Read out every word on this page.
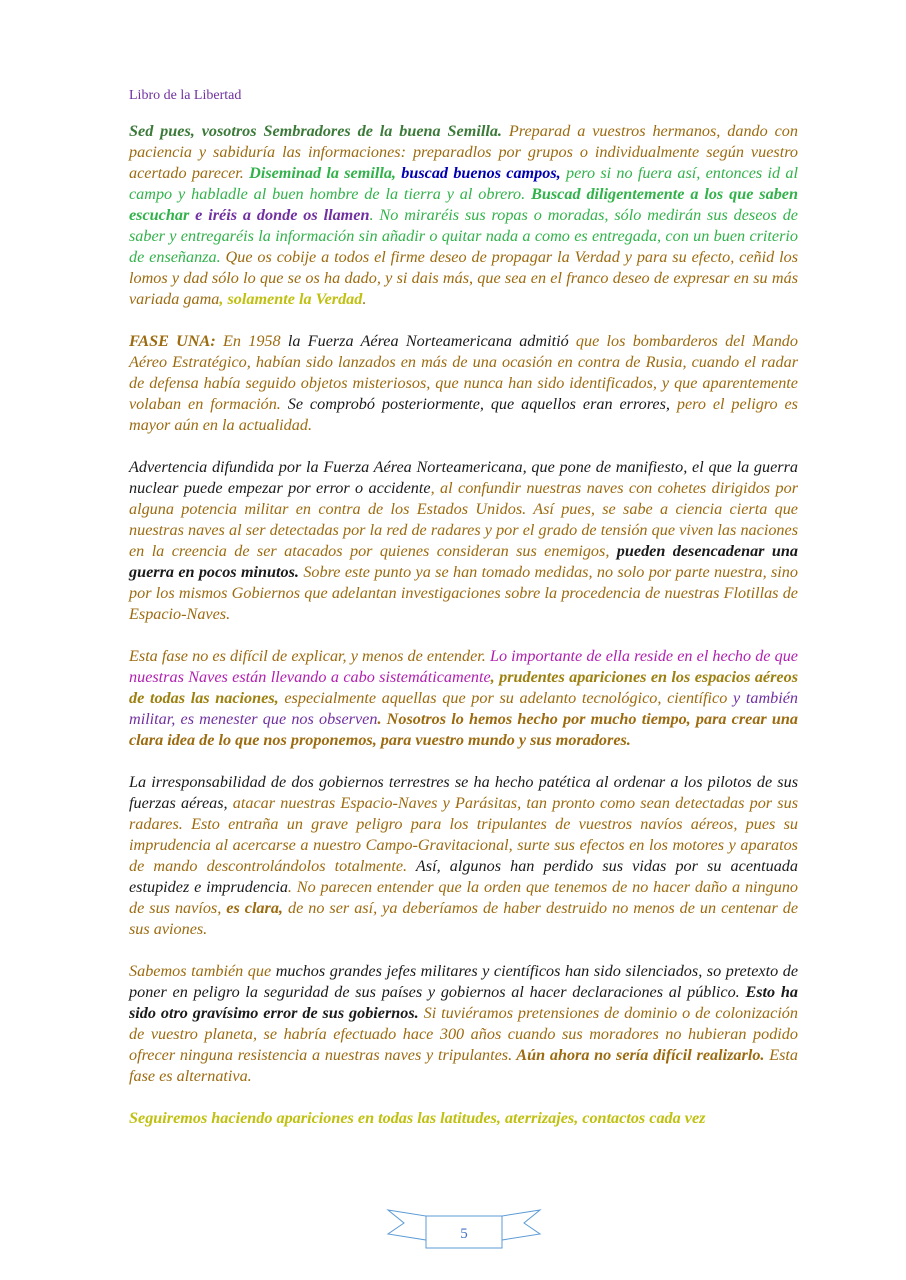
Libro de la Libertad

Sed pues, vosotros Sembradores de la buena Semilla. Preparad a vuestros hermanos, dando con paciencia y sabiduría las informaciones: preparadlos por grupos o individualmente según vuestro acertado parecer. Diseminad la semilla, buscad buenos campos, pero si no fuera así, entonces id al campo y habladle al buen hombre de la tierra y al obrero. Buscad diligentemente a los que saben escuchar e iréis a donde os llamen. No miraréis sus ropas o moradas, sólo medirán sus deseos de saber y entregaréis la información sin añadir o quitar nada a como es entregada, con un buen criterio de enseñanza. Que os cobije a todos el firme deseo de propagar la Verdad y para su efecto, ceñid los lomos y dad sólo lo que se os ha dado, y si dais más, que sea en el franco deseo de expresar en su más variada gama, solamente la Verdad.

FASE UNA: En 1958 la Fuerza Aérea Norteamericana admitió que los bombarderos del Mando Aéreo Estratégico, habían sido lanzados en más de una ocasión en contra de Rusia, cuando el radar de defensa había seguido objetos misteriosos, que nunca han sido identificados, y que aparentemente volaban en formación. Se comprobó posteriormente, que aquellos eran errores, pero el peligro es mayor aún en la actualidad.

Advertencia difundida por la Fuerza Aérea Norteamericana, que pone de manifiesto, el que la guerra nuclear puede empezar por error o accidente, al confundir nuestras naves con cohetes dirigidos por alguna potencia militar en contra de los Estados Unidos. Así pues, se sabe a ciencia cierta que nuestras naves al ser detectadas por la red de radares y por el grado de tensión que viven las naciones en la creencia de ser atacados por quienes consideran sus enemigos, pueden desencadenar una guerra en pocos minutos. Sobre este punto ya se han tomado medidas, no solo por parte nuestra, sino por los mismos Gobiernos que adelantan investigaciones sobre la procedencia de nuestras Flotillas de Espacio-Naves.

Esta fase no es difícil de explicar, y menos de entender. Lo importante de ella reside en el hecho de que nuestras Naves están llevando a cabo sistemáticamente, prudentes apariciones en los espacios aéreos de todas las naciones, especialmente aquellas que por su adelanto tecnológico, científico y también militar, es menester que nos observen. Nosotros lo hemos hecho por mucho tiempo, para crear una clara idea de lo que nos proponemos, para vuestro mundo y sus moradores.

La irresponsabilidad de dos gobiernos terrestres se ha hecho patética al ordenar a los pilotos de sus fuerzas aéreas, atacar nuestras Espacio-Naves y Parásitas, tan pronto como sean detectadas por sus radares. Esto entraña un grave peligro para los tripulantes de vuestros navíos aéreos, pues su imprudencia al acercarse a nuestro Campo-Gravitacional, surte sus efectos en los motores y aparatos de mando descontrolándolos totalmente. Así, algunos han perdido sus vidas por su acentuada estupidez e imprudencia. No parecen entender que la orden que tenemos de no hacer daño a ninguno de sus navíos, es clara, de no ser así, ya deberíamos de haber destruido no menos de un centenar de sus aviones.

Sabemos también que muchos grandes jefes militares y científicos han sido silenciados, so pretexto de poner en peligro la seguridad de sus países y gobiernos al hacer declaraciones al público. Esto ha sido otro gravísimo error de sus gobiernos. Si tuviéramos pretensiones de dominio o de colonización de vuestro planeta, se habría efectuado hace 300 años cuando sus moradores no hubieran podido ofrecer ninguna resistencia a nuestras naves y tripulantes. Aún ahora no sería difícil realizarlo. Esta fase es alternativa.

Seguiremos haciendo apariciones en todas las latitudes, aterrizajes, contactos cada vez

5
